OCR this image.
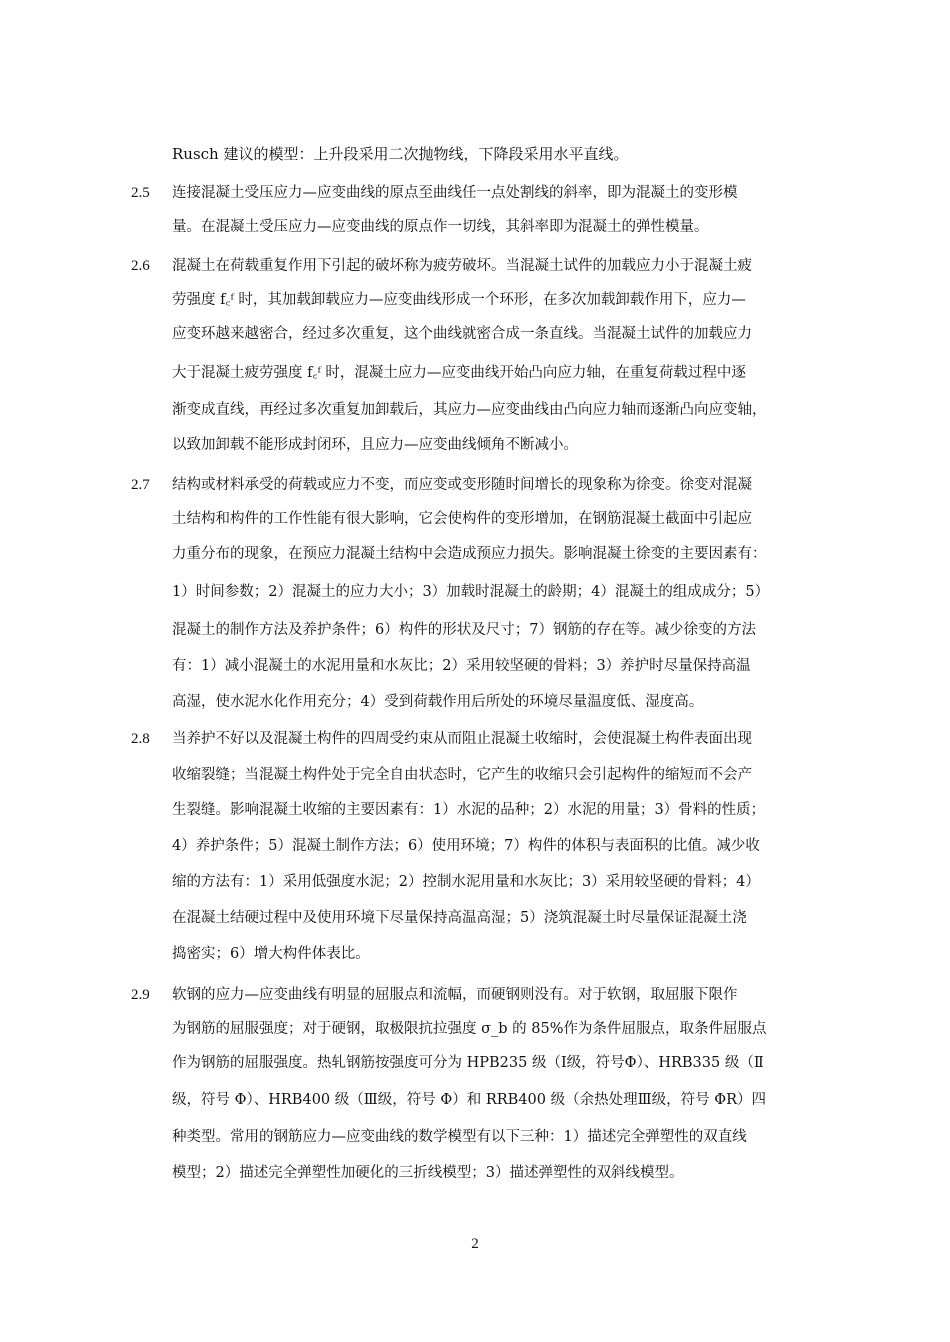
Rusch 建议的模型：上升段采用二次抛物线，下降段采用水平直线。
2.5 连接混凝土受压应力—应变曲线的原点至曲线任一点处割线的斜率，即为混凝土的变形模
量。在混凝土受压应力—应变曲线的原点作一切线，其斜率即为混凝土的弹性模量。
2.6 混凝土在荷载重复作用下引起的破坏称为疲劳破坏。当混凝土试件的加载应力小于混凝土疲
劳强度 f꜀ᶠ 时，其加载卸载应力—应变曲线形成一个环形，在多次加载卸载作用下，应力—
应变环越来越密合，经过多次重复，这个曲线就密合成一条直线。当混凝土试件的加载应力
大于混凝土疲劳强度 f꜀ᶠ 时，混凝土应力—应变曲线开始凸向应力轴，在重复荷载过程中逐
渐变成直线，再经过多次重复加卸载后，其应力—应变曲线由凸向应力轴而逐渐凸向应变轴，
以致加卸载不能形成封闭环，且应力—应变曲线倾角不断减小。
2.7 结构或材料承受的荷载或应力不变，而应变或变形随时间增长的现象称为徐变。徐变对混凝
土结构和构件的工作性能有很大影响，它会使构件的变形增加，在钢筋混凝土截面中引起应
力重分布的现象，在预应力混凝土结构中会造成预应力损失。影响混凝土徐变的主要因素有：
1）时间参数；2）混凝土的应力大小；3）加载时混凝土的龄期；4）混凝土的组成成分；5）
混凝土的制作方法及养护条件；6）构件的形状及尺寸；7）钢筋的存在等。减少徐变的方法
有：1）减小混凝土的水泥用量和水灰比；2）采用较坚硬的骨料；3）养护时尽量保持高温
高湿，使水泥水化作用充分；4）受到荷载作用后所处的环境尽量温度低、湿度高。
2.8 当养护不好以及混凝土构件的四周受约束从而阻止混凝土收缩时，会使混凝土构件表面出现
收缩裂缝；当混凝土构件处于完全自由状态时，它产生的收缩只会引起构件的缩短而不会产
生裂缝。影响混凝土收缩的主要因素有：1）水泥的品种；2）水泥的用量；3）骨料的性质；
4）养护条件；5）混凝土制作方法；6）使用环境；7）构件的体积与表面积的比值。减少收
缩的方法有：1）采用低强度水泥；2）控制水泥用量和水灰比；3）采用较坚硬的骨料；4）
在混凝土结硬过程中及使用环境下尽量保持高温高湿；5）浇筑混凝土时尽量保证混凝土浇
捣密实；6）增大构件体表比。
2.9 软钢的应力—应变曲线有明显的屈服点和流幅，而硬钢则没有。对于软钢，取屈服下限作
为钢筋的屈服强度；对于硬钢，取极限抗拉强度 σ_b 的 85%作为条件屈服点，取条件屈服点
作为钢筋的屈服强度。热轧钢筋按强度可分为 HPB235 级（Ⅰ级，符号Φ）、HRB335 级（Ⅱ
级，符号 Φ）、HRB400 级（Ⅲ级，符号 Φ）和 RRB400 级（余热处理Ⅲ级，符号 ΦR）四
种类型。常用的钢筋应力—应变曲线的数学模型有以下三种：1）描述完全弹塑性的双直线
模型；2）描述完全弹塑性加硬化的三折线模型；3）描述弹塑性的双斜线模型。
2
